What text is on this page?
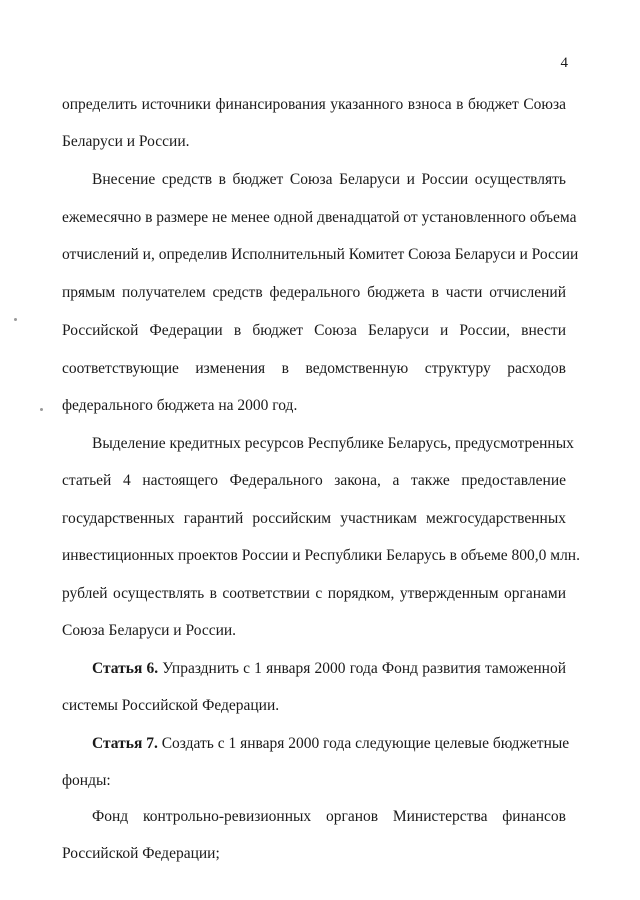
4
определить источники финансирования указанного взноса в бюджет Союза
Беларуси и России.
Внесение средств в бюджет Союза Беларуси и России осуществлять
ежемесячно в размере не менее одной двенадцатой от установленного объема
отчислений и, определив Исполнительный Комитет Союза Беларуси и России
прямым получателем средств федерального бюджета в части отчислений
Российской Федерации в бюджет Союза Беларуси и России, внести
соответствующие изменения в ведомственную структуру расходов
федерального бюджета на 2000 год.
Выделение кредитных ресурсов Республике Беларусь, предусмотренных
статьей 4 настоящего Федерального закона, а также предоставление
государственных гарантий российским участникам межгосударственных
инвестиционных проектов России и Республики Беларусь в объеме 800,0 млн.
рублей осуществлять в соответствии с порядком, утвержденным органами
Союза Беларуси и России.
Статья 6. Упразднить с 1 января 2000 года Фонд развития таможенной
системы Российской Федерации.
Статья 7. Создать с 1 января 2000 года следующие целевые бюджетные
фонды:
Фонд контрольно-ревизионных органов Министерства финансов
Российской Федерации;
